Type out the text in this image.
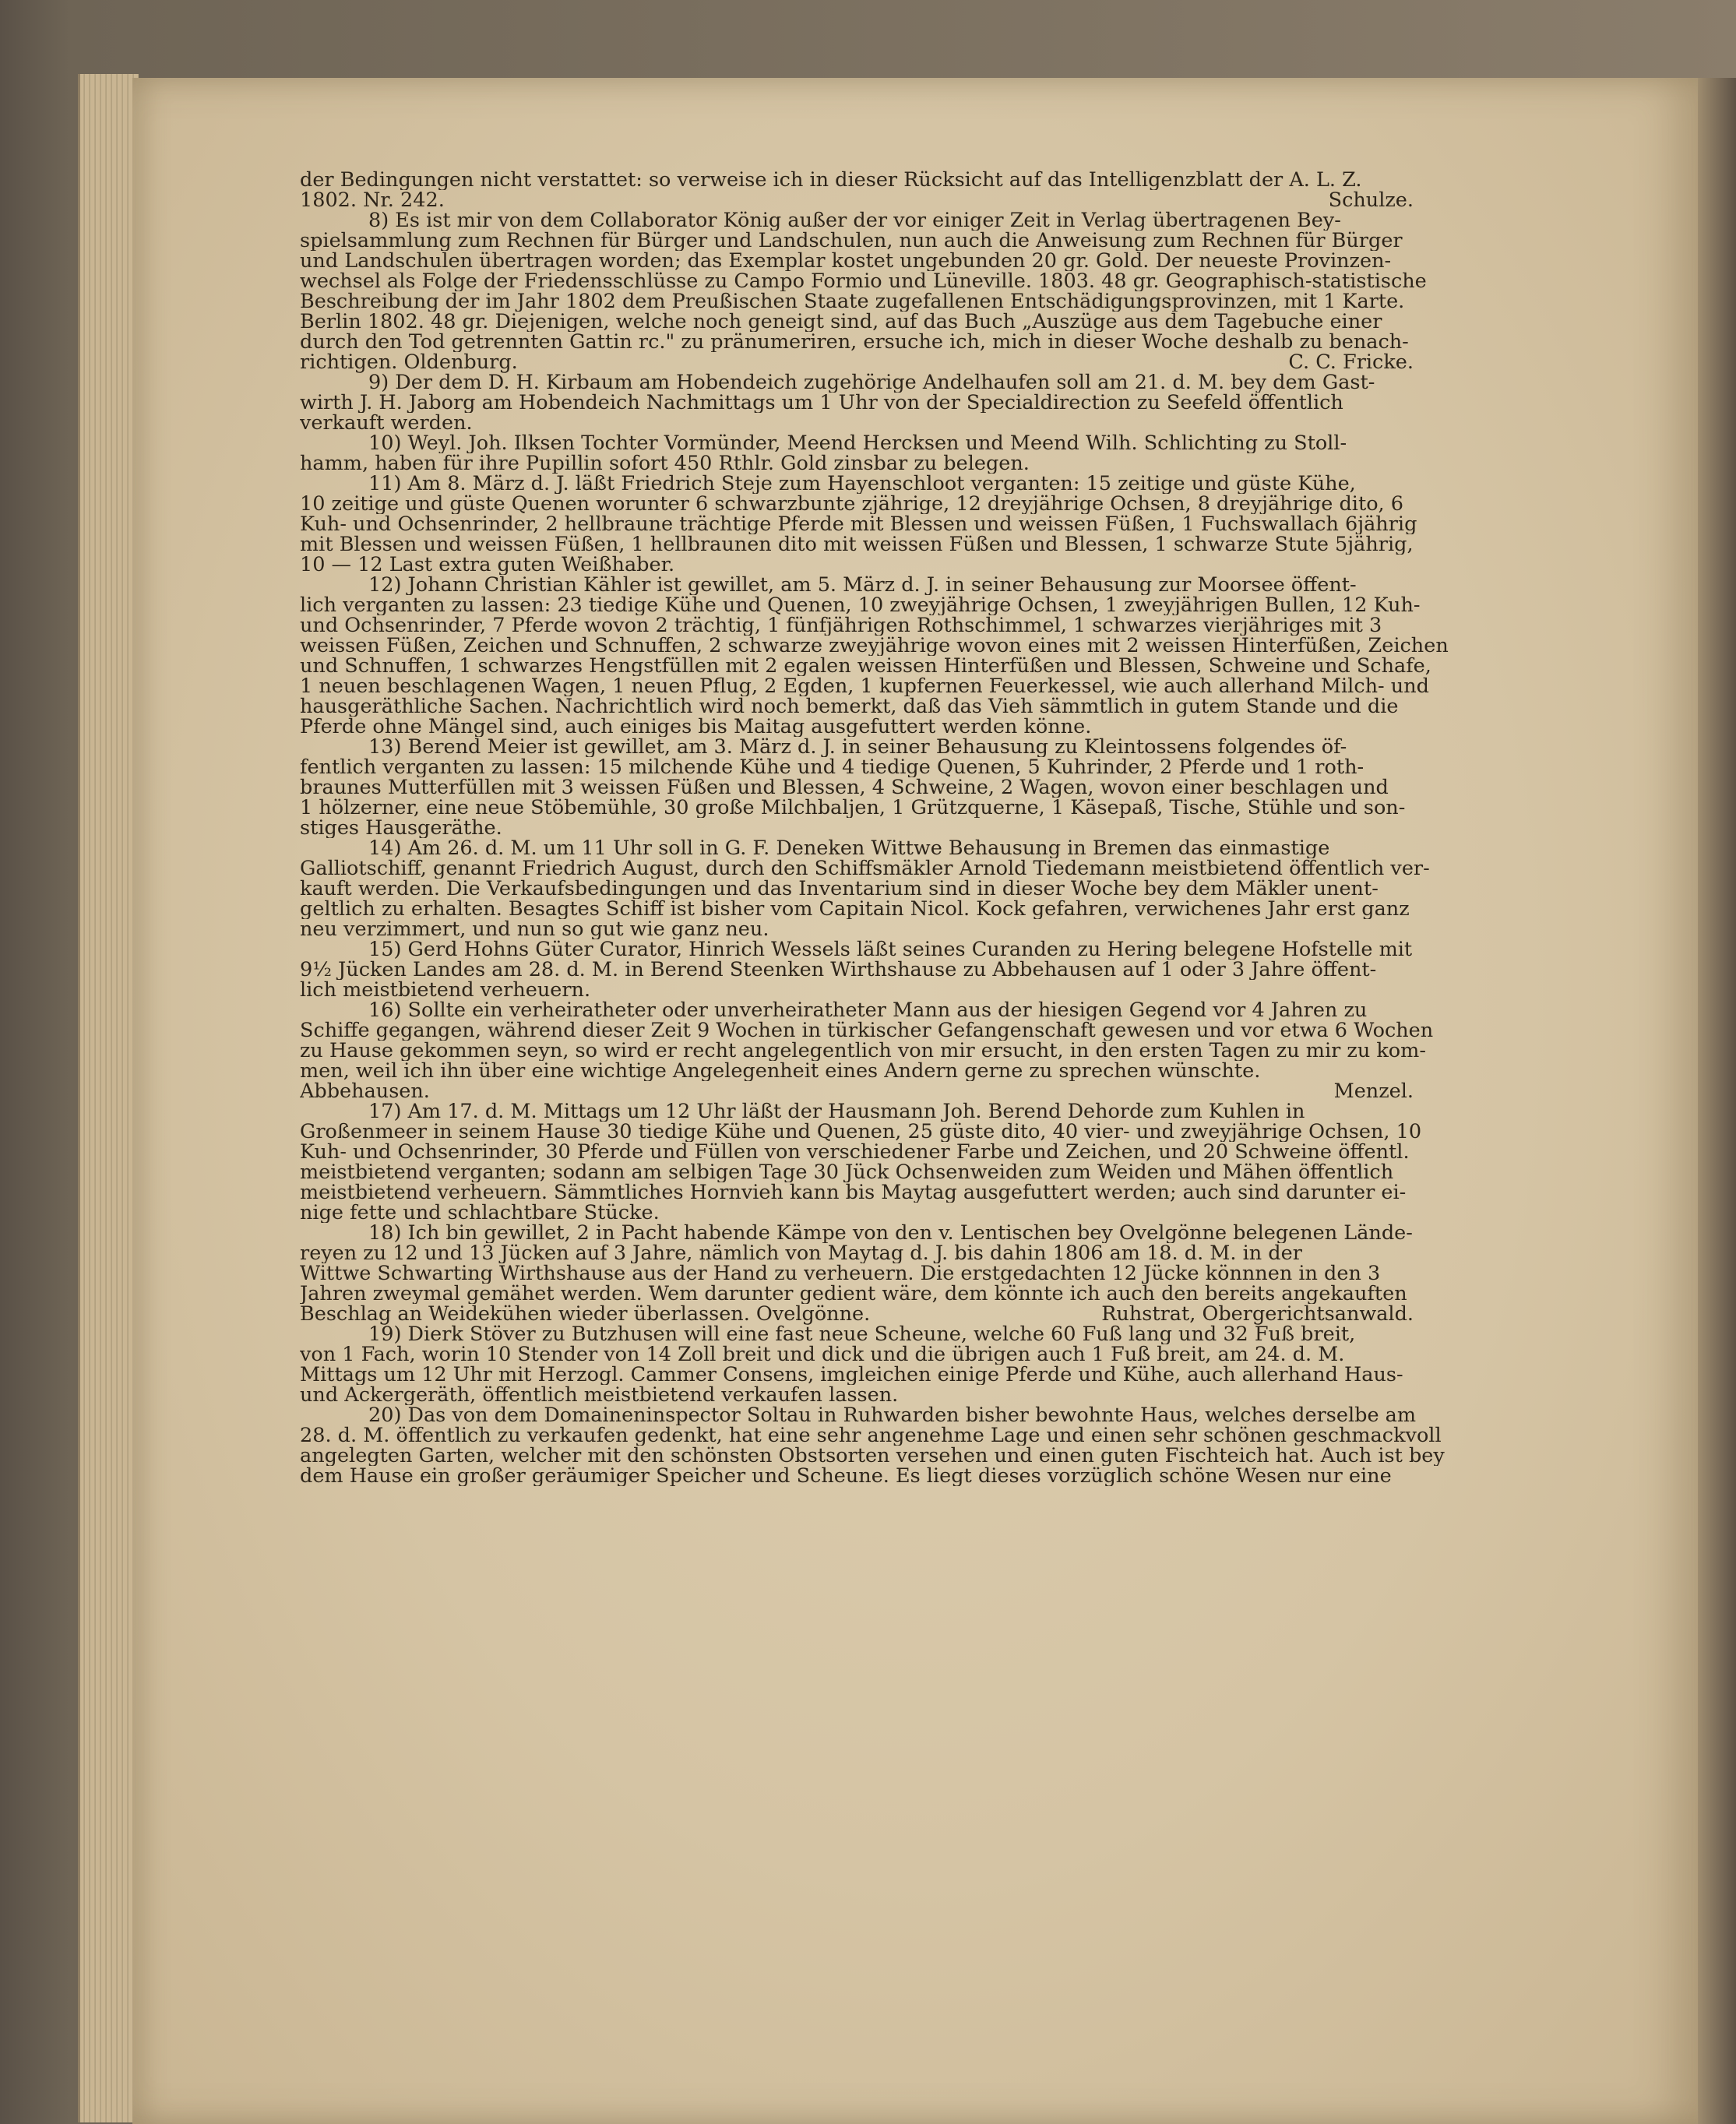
der Bedingungen nicht verstattet: so verweise ich in dieser Rücksicht auf das Intelligenzblatt der A. L. Z.
1802. Nr. 242.	Schulze.
8) Es ist mir von dem Collaborator König außer der vor einiger Zeit in Verlag übertragenen Bey-
spielsammlung zum Rechnen für Bürger und Landschulen, nun auch die Anweisung zum Rechnen für Bürger
und Landschulen übertragen worden; das Exemplar kostet ungebunden 20 gr. Gold. Der neueste Provinzen-
wechsel als Folge der Friedensschlüsse zu Campo Formio und Lüneville. 1803. 48 gr. Geographisch-statistische
Beschreibung der im Jahr 1802 dem Preußischen Staate zugefallenen Entschädigungsprovinzen, mit 1 Karte.
Berlin 1802. 48 gr. Diejenigen, welche noch geneigt sind, auf das Buch „Auszüge aus dem Tagebuche einer
durch den Tod getrennten Gattin rc." zu pränumeriren, ersuche ich, mich in dieser Woche deshalb zu benach-
richtigen. Oldenburg.	C. C. Fricke.
9) Der dem D. H. Kirbaum am Hobendeich zugehörige Andelhaufen soll am 21. d. M. bey dem Gast-
wirth J. H. Jaborg am Hobendeich Nachmittags um 1 Uhr von der Specialdirection zu Seefeld öffentlich
verkauft werden.
10) Weyl. Joh. Ilksen Tochter Vormünder, Meend Hercksen und Meend Wilh. Schlichting zu Stoll-
hamm, haben für ihre Pupillin sofort 450 Rthlr. Gold zinsbar zu belegen.
11) Am 8. März d. J. läßt Friedrich Steje zum Hayenschloot verganten: 15 zeitige und güste Kühe,
10 zeitige und güste Quenen worunter 6 schwarzbunte zjährige, 12 dreyjährige Ochsen, 8 dreyjährige dito, 6
Kuh- und Ochsenrinder, 2 hellbraune trächtige Pferde mit Blessen und weissen Füßen, 1 Fuchswallach 6jährig
mit Blessen und weissen Füßen, 1 hellbraunen dito mit weissen Füßen und Blessen, 1 schwarze Stute 5jährig,
10 — 12 Last extra guten Weißhaber.
12) Johann Christian Kähler ist gewillet, am 5. März d. J. in seiner Behausung zur Moorsee öffent-
lich verganten zu lassen: 23 tiedige Kühe und Quenen, 10 zweyjährige Ochsen, 1 zweyjährigen Bullen, 12 Kuh-
und Ochsenrinder, 7 Pferde wovon 2 trächtig, 1 fünfjährigen Rothschimmel, 1 schwarzes vierjähriges mit 3
weissen Füßen, Zeichen und Schnuffen, 2 schwarze zweyjährige wovon eines mit 2 weissen Hinterfüßen, Zeichen
und Schnuffen, 1 schwarzes Hengstfüllen mit 2 egalen weissen Hinterfüßen und Blessen, Schweine und Schafe,
1 neuen beschlagenen Wagen, 1 neuen Pflug, 2 Egden, 1 kupfernen Feuerkessel, wie auch allerhand Milch- und
hausgeräthliche Sachen. Nachrichtlich wird noch bemerkt, daß das Vieh sämmtlich in gutem Stande und die
Pferde ohne Mängel sind, auch einiges bis Maitag ausgefuttert werden könne.
13) Berend Meier ist gewillet, am 3. März d. J. in seiner Behausung zu Kleintossens folgendes öf-
fentlich verganten zu lassen: 15 milchende Kühe und 4 tiedige Quenen, 5 Kuhrinder, 2 Pferde und 1 roth-
braunes Mutterfüllen mit 3 weissen Füßen und Blessen, 4 Schweine, 2 Wagen, wovon einer beschlagen und
1 hölzerner, eine neue Stöbemühle, 30 große Milchbaljen, 1 Grützquerne, 1 Käsepaß, Tische, Stühle und son-
stiges Hausgeräthe.
14) Am 26. d. M. um 11 Uhr soll in G. F. Deneken Wittwe Behausung in Bremen das einmastige
Galliotschiff, genannt Friedrich August, durch den Schiffsmäkler Arnold Tiedemann meistbietend öffentlich ver-
kauft werden. Die Verkaufsbedingungen und das Inventarium sind in dieser Woche bey dem Mäkler unent-
geltlich zu erhalten. Besagtes Schiff ist bisher vom Capitain Nicol. Kock gefahren, verwichenes Jahr erst ganz
neu verzimmert, und nun so gut wie ganz neu.
15) Gerd Hohns Güter Curator, Hinrich Wessels läßt seines Curanden zu Hering belegene Hofstelle mit
9½ Jücken Landes am 28. d. M. in Berend Steenken Wirthshause zu Abbehausen auf 1 oder 3 Jahre öffent-
lich meistbietend verheuern.
16) Sollte ein verheiratheter oder unverheiratheter Mann aus der hiesigen Gegend vor 4 Jahren zu
Schiffe gegangen, während dieser Zeit 9 Wochen in türkischer Gefangenschaft gewesen und vor etwa 6 Wochen
zu Hause gekommen seyn, so wird er recht angelegentlich von mir ersucht, in den ersten Tagen zu mir zu kom-
men, weil ich ihn über eine wichtige Angelegenheit eines Andern gerne zu sprechen wünschte.
Abbehausen.	Menzel.
17) Am 17. d. M. Mittags um 12 Uhr läßt der Hausmann Joh. Berend Dehorde zum Kuhlen in
Großenmeer in seinem Hause 30 tiedige Kühe und Quenen, 25 güste dito, 40 vier- und zweyjährige Ochsen, 10
Kuh- und Ochsenrinder, 30 Pferde und Füllen von verschiedener Farbe und Zeichen, und 20 Schweine öffentl.
meistbietend verganten; sodann am selbigen Tage 30 Jück Ochsenweiden zum Weiden und Mähen öffentlich
meistbietend verheuern. Sämmtliches Hornvieh kann bis Maytag ausgefuttert werden; auch sind darunter ei-
nige fette und schlachtbare Stücke.
18) Ich bin gewillet, 2 in Pacht habende Kämpe von den v. Lentischen bey Ovelgönne belegenen Lände-
reyen zu 12 und 13 Jücken auf 3 Jahre, nämlich von Maytag d. J. bis dahin 1806 am 18. d. M. in der
Wittwe Schwarting Wirthshause aus der Hand zu verheuern. Die erstgedachten 12 Jücke könnnen in den 3
Jahren zweymal gemähet werden. Wem darunter gedient wäre, dem könnte ich auch den bereits angekauften
Beschlag an Weidekühen wieder überlassen. Ovelgönne.	Ruhstrat, Obergerichtsanwald.
19) Dierk Stöver zu Butzhusen will eine fast neue Scheune, welche 60 Fuß lang und 32 Fuß breit,
von 1 Fach, worin 10 Stender von 14 Zoll breit und dick und die übrigen auch 1 Fuß breit, am 24. d. M.
Mittags um 12 Uhr mit Herzogl. Cammer Consens, imgleichen einige Pferde und Kühe, auch allerhand Haus-
und Ackergeräth, öffentlich meistbietend verkaufen lassen.
20) Das von dem Domaineninspector Soltau in Ruhwarden bisher bewohnte Haus, welches derselbe am
28. d. M. öffentlich zu verkaufen gedenkt, hat eine sehr angenehme Lage und einen sehr schönen geschmackvoll
angelegten Garten, welcher mit den schönsten Obstsorten versehen und einen guten Fischteich hat. Auch ist bey
dem Hause ein großer geräumiger Speicher und Scheune. Es liegt dieses vorzüglich schöne Wesen nur eine
